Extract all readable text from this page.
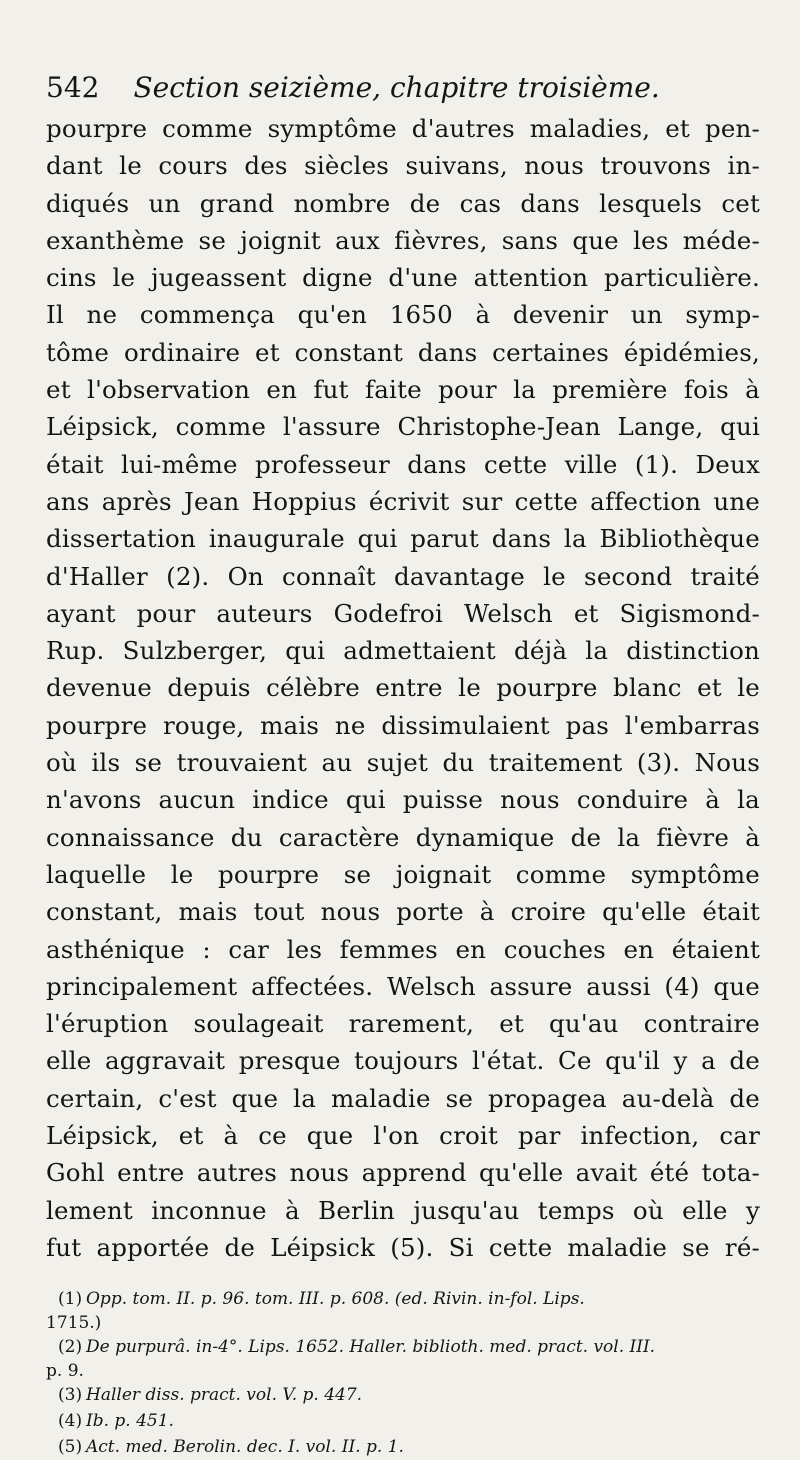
542 Section seizième, chapitre troisième.
pourpre comme symptôme d'autres maladies, et pen-
dant le cours des siècles suivans, nous trouvons in-
diqués un grand nombre de cas dans lesquels cet
exanthème se joignit aux fièvres, sans que les méde-
cins le jugeassent digne d'une attention particulière.
Il ne commença qu'en 1650 à devenir un symp-
tôme ordinaire et constant dans certaines épidémies,
et l'observation en fut faite pour la première fois à
Léipsick, comme l'assure Christophe-Jean Lange, qui
était lui-même professeur dans cette ville (1). Deux
ans après Jean Hoppius écrivit sur cette affection une
dissertation inaugurale qui parut dans la Bibliothèque
d'Haller (2). On connaît davantage le second traité
ayant pour auteurs Godefroi Welsch et Sigismond-
Rup. Sulzberger, qui admettaient déjà la distinction
devenue depuis célèbre entre le pourpre blanc et le
pourpre rouge, mais ne dissimulaient pas l'embarras
où ils se trouvaient au sujet du traitement (3). Nous
n'avons aucun indice qui puisse nous conduire à la
connaissance du caractère dynamique de la fièvre à
laquelle le pourpre se joignait comme symptôme
constant, mais tout nous porte à croire qu'elle était
asthénique : car les femmes en couches en étaient
principalement affectées. Welsch assure aussi (4) que
l'éruption soulageait rarement, et qu'au contraire
elle aggravait presque toujours l'état. Ce qu'il y a de
certain, c'est que la maladie se propagea au-delà de
Léipsick, et à ce que l'on croit par infection, car
Gohl entre autres nous apprend qu'elle avait été tota-
lement inconnue à Berlin jusqu'au temps où elle y
fut apportée de Léipsick (5). Si cette maladie se ré-
(1) Opp. tom. II. p. 96. tom. III. p. 608. (ed. Rivin. in-fol. Lips.
1715.)
(2) De purpurâ. in-4°. Lips. 1652. Haller. biblioth. med. pract. vol. III.
p. 9.
(3) Haller diss. pract. vol. V. p. 447.
(4) Ib. p. 451.
(5) Act. med. Berolin. dec. I. vol. II. p. 1.
